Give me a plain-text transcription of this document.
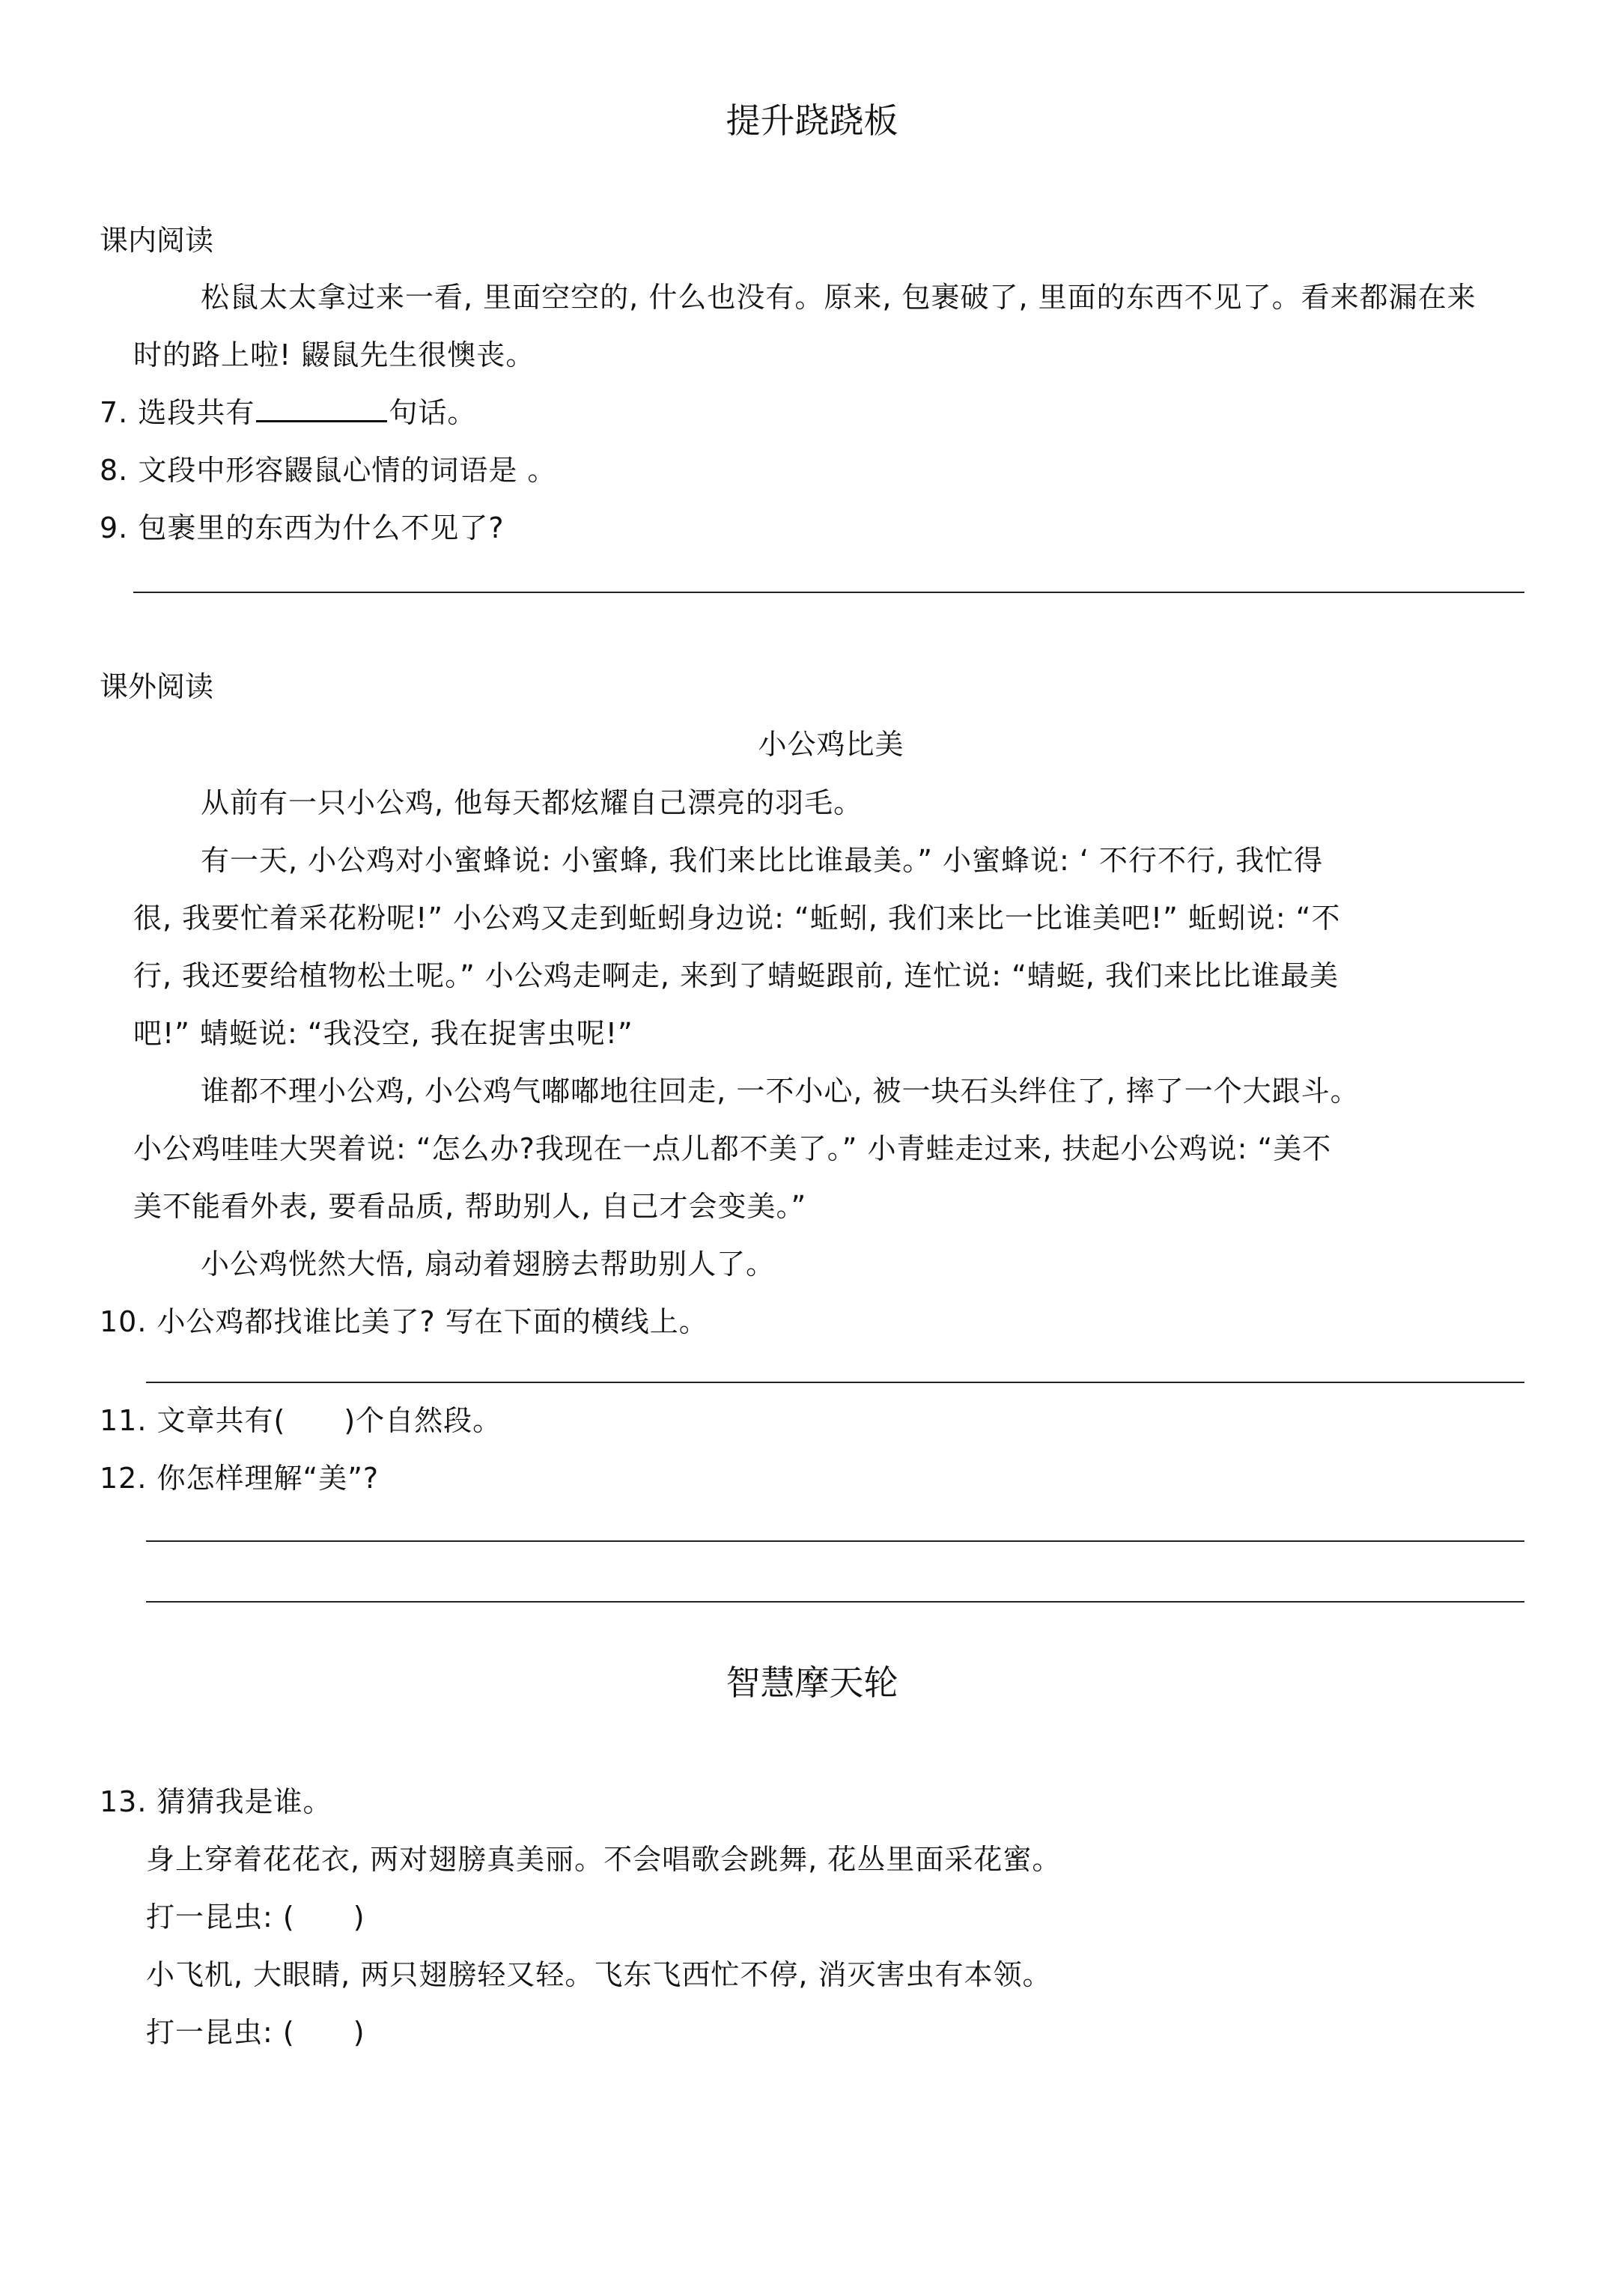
提升跷跷板
课内阅读
松鼠太太拿过来一看, 里面空空的, 什么也没有。原来, 包裹破了, 里面的东西不见了。看来都漏在来
时的路上啦! 鼹鼠先生很懊丧。
7. 选段共有	句话。
8. 文段中形容鼹鼠心情的词语是 。
9. 包裹里的东西为什么不见了?
课外阅读
小公鸡比美
从前有一只小公鸡, 他每天都炫耀自己漂亮的羽毛。
有一天, 小公鸡对小蜜蜂说: 小蜜蜂, 我们来比比谁最美。” 小蜜蜂说: ‘ 不行不行, 我忙得
很, 我要忙着采花粉呢!” 小公鸡又走到蚯蚓身边说: “蚯蚓, 我们来比一比谁美吧!” 蚯蚓说: “不
行, 我还要给植物松土呢。” 小公鸡走啊走, 来到了蜻蜓跟前, 连忙说: “蜻蜓, 我们来比比谁最美
吧!” 蜻蜓说: “我没空, 我在捉害虫呢!”
谁都不理小公鸡, 小公鸡气嘟嘟地往回走, 一不小心, 被一块石头绊住了, 摔了一个大跟斗。
小公鸡哇哇大哭着说: “怎么办?我现在一点儿都不美了。” 小青蛙走过来, 扶起小公鸡说: “美不
美不能看外表, 要看品质, 帮助别人, 自己才会变美。”
小公鸡恍然大悟, 扇动着翅膀去帮助别人了。
10. 小公鸡都找谁比美了? 写在下面的横线上。
11. 文章共有(　　)个自然段。
12. 你怎样理解“美”?
智慧摩天轮
13. 猜猜我是谁。
身上穿着花花衣, 两对翅膀真美丽。不会唱歌会跳舞, 花丛里面采花蜜。
打一昆虫: (　　)
小飞机, 大眼睛, 两只翅膀轻又轻。飞东飞西忙不停, 消灭害虫有本领。
打一昆虫: (　　)
